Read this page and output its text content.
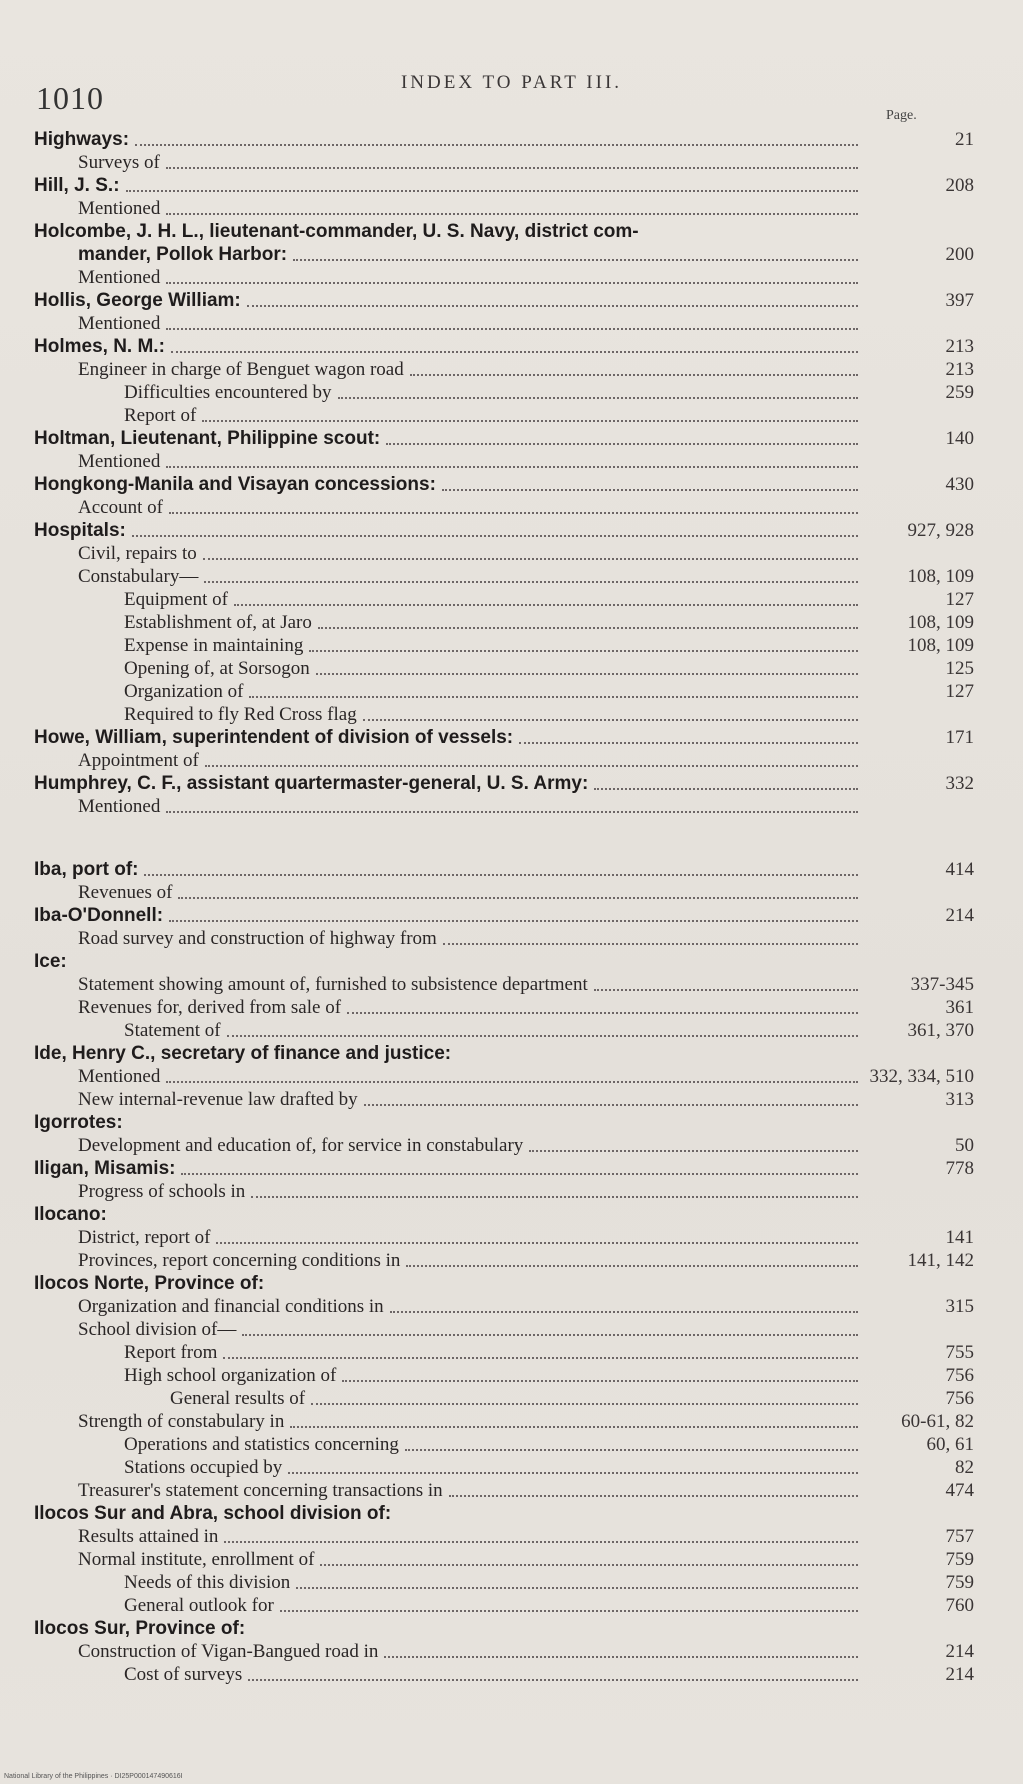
1010	INDEX TO PART III.
Page.
Highways:	21
Surveys of
Hill, J. S.:	208
Mentioned
Holcombe, J. H. L., lieutenant-commander, U. S. Navy, district com-
mander, Pollok Harbor:	200
Mentioned
Hollis, George William:	397
Mentioned
Holmes, N. M.:	213
Engineer in charge of Benguet wagon road	213
Difficulties encountered by	259
Report of
Holtman, Lieutenant, Philippine scout:	140
Mentioned
Hongkong-Manila and Visayan concessions:	430
Account of
Hospitals:	927, 928
Civil, repairs to
Constabulary—	108, 109
Equipment of	127
Establishment of, at Jaro	108, 109
Expense in maintaining	108, 109
Opening of, at Sorsogon	125
Organization of	127
Required to fly Red Cross flag
Howe, William, superintendent of division of vessels:	171
Appointment of
Humphrey, C. F., assistant quartermaster-general, U. S. Army:	332
Mentioned
Iba, port of:	414
Revenues of
Iba-O'Donnell:	214
Road survey and construction of highway from
Ice:
Statement showing amount of, furnished to subsistence department	337-345
Revenues for, derived from sale of	361
Statement of	361, 370
Ide, Henry C., secretary of finance and justice:
Mentioned	332, 334, 510
New internal-revenue law drafted by	313
Igorrotes:
Development and education of, for service in constabulary	50
Iligan, Misamis:	778
Progress of schools in
Ilocano:
District, report of	141
Provinces, report concerning conditions in	141, 142
Ilocos Norte, Province of:
Organization and financial conditions in	315
School division of—
Report from	755
High school organization of	756
General results of	756
Strength of constabulary in	60-61, 82
Operations and statistics concerning	60, 61
Stations occupied by	82
Treasurer's statement concerning transactions in	474
Ilocos Sur and Abra, school division of:
Results attained in	757
Normal institute, enrollment of	759
Needs of this division	759
General outlook for	760
Ilocos Sur, Province of:
Construction of Vigan-Bangued road in	214
Cost of surveys	214
National Library of the Philippines · DI25P000147490616I
